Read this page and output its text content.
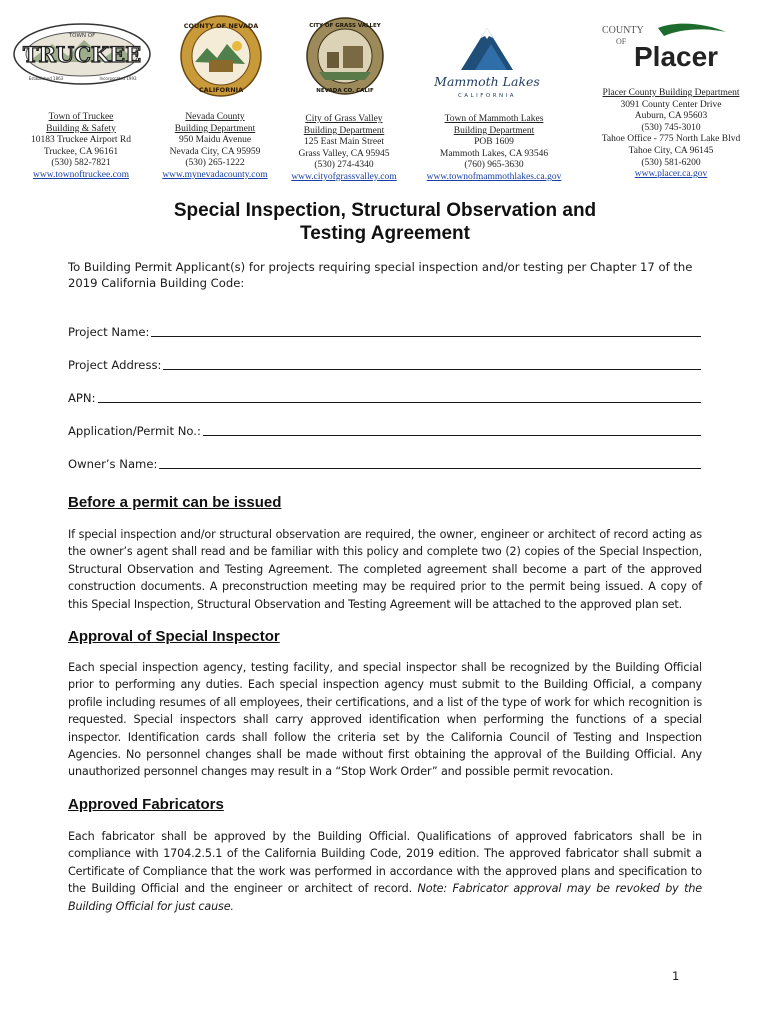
TOWN OF
TRUCKEE
Established 1863	Incorporated 1993
COUNTY OF NEVADA
CALIFORNIA
CITY OF GRASS VALLEY
NEVADA CO. CALIF
Mammoth Lakes
CALIFORNIA
COUNTY
OF Placer
Town of Truckee
Building & Safety
10183 Truckee Airport Rd
Truckee, CA 96161
(530) 582-7821
www.townoftruckee.com
Nevada County
Building Department
950 Maidu Avenue
Nevada City, CA 95959
(530) 265-1222
www.mynevadacounty.com
City of Grass Valley
Building Department
125 East Main Street
Grass Valley, CA 95945
(530) 274-4340
www.cityofgrassvalley.com
Town of Mammoth Lakes
Building Department
POB 1609
Mammoth Lakes, CA 93546
(760) 965-3630
www.townofmammothlakes.ca.gov
Placer County Building Department
3091 County Center Drive
Auburn, CA 95603
(530) 745-3010
Tahoe Office - 775 North Lake Blvd
Tahoe City, CA 96145
(530) 581-6200
www.placer.ca.gov
Special Inspection, Structural Observation and
Testing Agreement
To Building Permit Applicant(s) for projects requiring special inspection and/or testing per Chapter 17 of the 2019 California Building Code:
Project Name:
Project Address:
APN:
Application/Permit No.:
Owner’s Name:
Before a permit can be issued
If special inspection and/or structural observation are required, the owner, engineer or architect of record acting as the owner’s agent shall read and be familiar with this policy and complete two (2) copies of the Special Inspection, Structural Observation and Testing Agreement. The completed agreement shall become a part of the approved construction documents. A preconstruction meeting may be required prior to the permit being issued. A copy of this Special Inspection, Structural Observation and Testing Agreement will be attached to the approved plan set.
Approval of Special Inspector
Each special inspection agency, testing facility, and special inspector shall be recognized by the Building Official prior to performing any duties. Each special inspection agency must submit to the Building Official, a company profile including resumes of all employees, their certifications, and a list of the type of work for which recognition is requested. Special inspectors shall carry approved identification when performing the functions of a special inspector. Identification cards shall follow the criteria set by the California Council of Testing and Inspection Agencies. No personnel changes shall be made without first obtaining the approval of the Building Official. Any unauthorized personnel changes may result in a “Stop Work Order” and possible permit revocation.
Approved Fabricators
Each fabricator shall be approved by the Building Official. Qualifications of approved fabricators shall be in compliance with 1704.2.5.1 of the California Building Code, 2019 edition. The approved fabricator shall submit a Certificate of Compliance that the work was performed in accordance with the approved plans and specification to the Building Official and the engineer or architect of record. Note: Fabricator approval may be revoked by the Building Official for just cause.
1
